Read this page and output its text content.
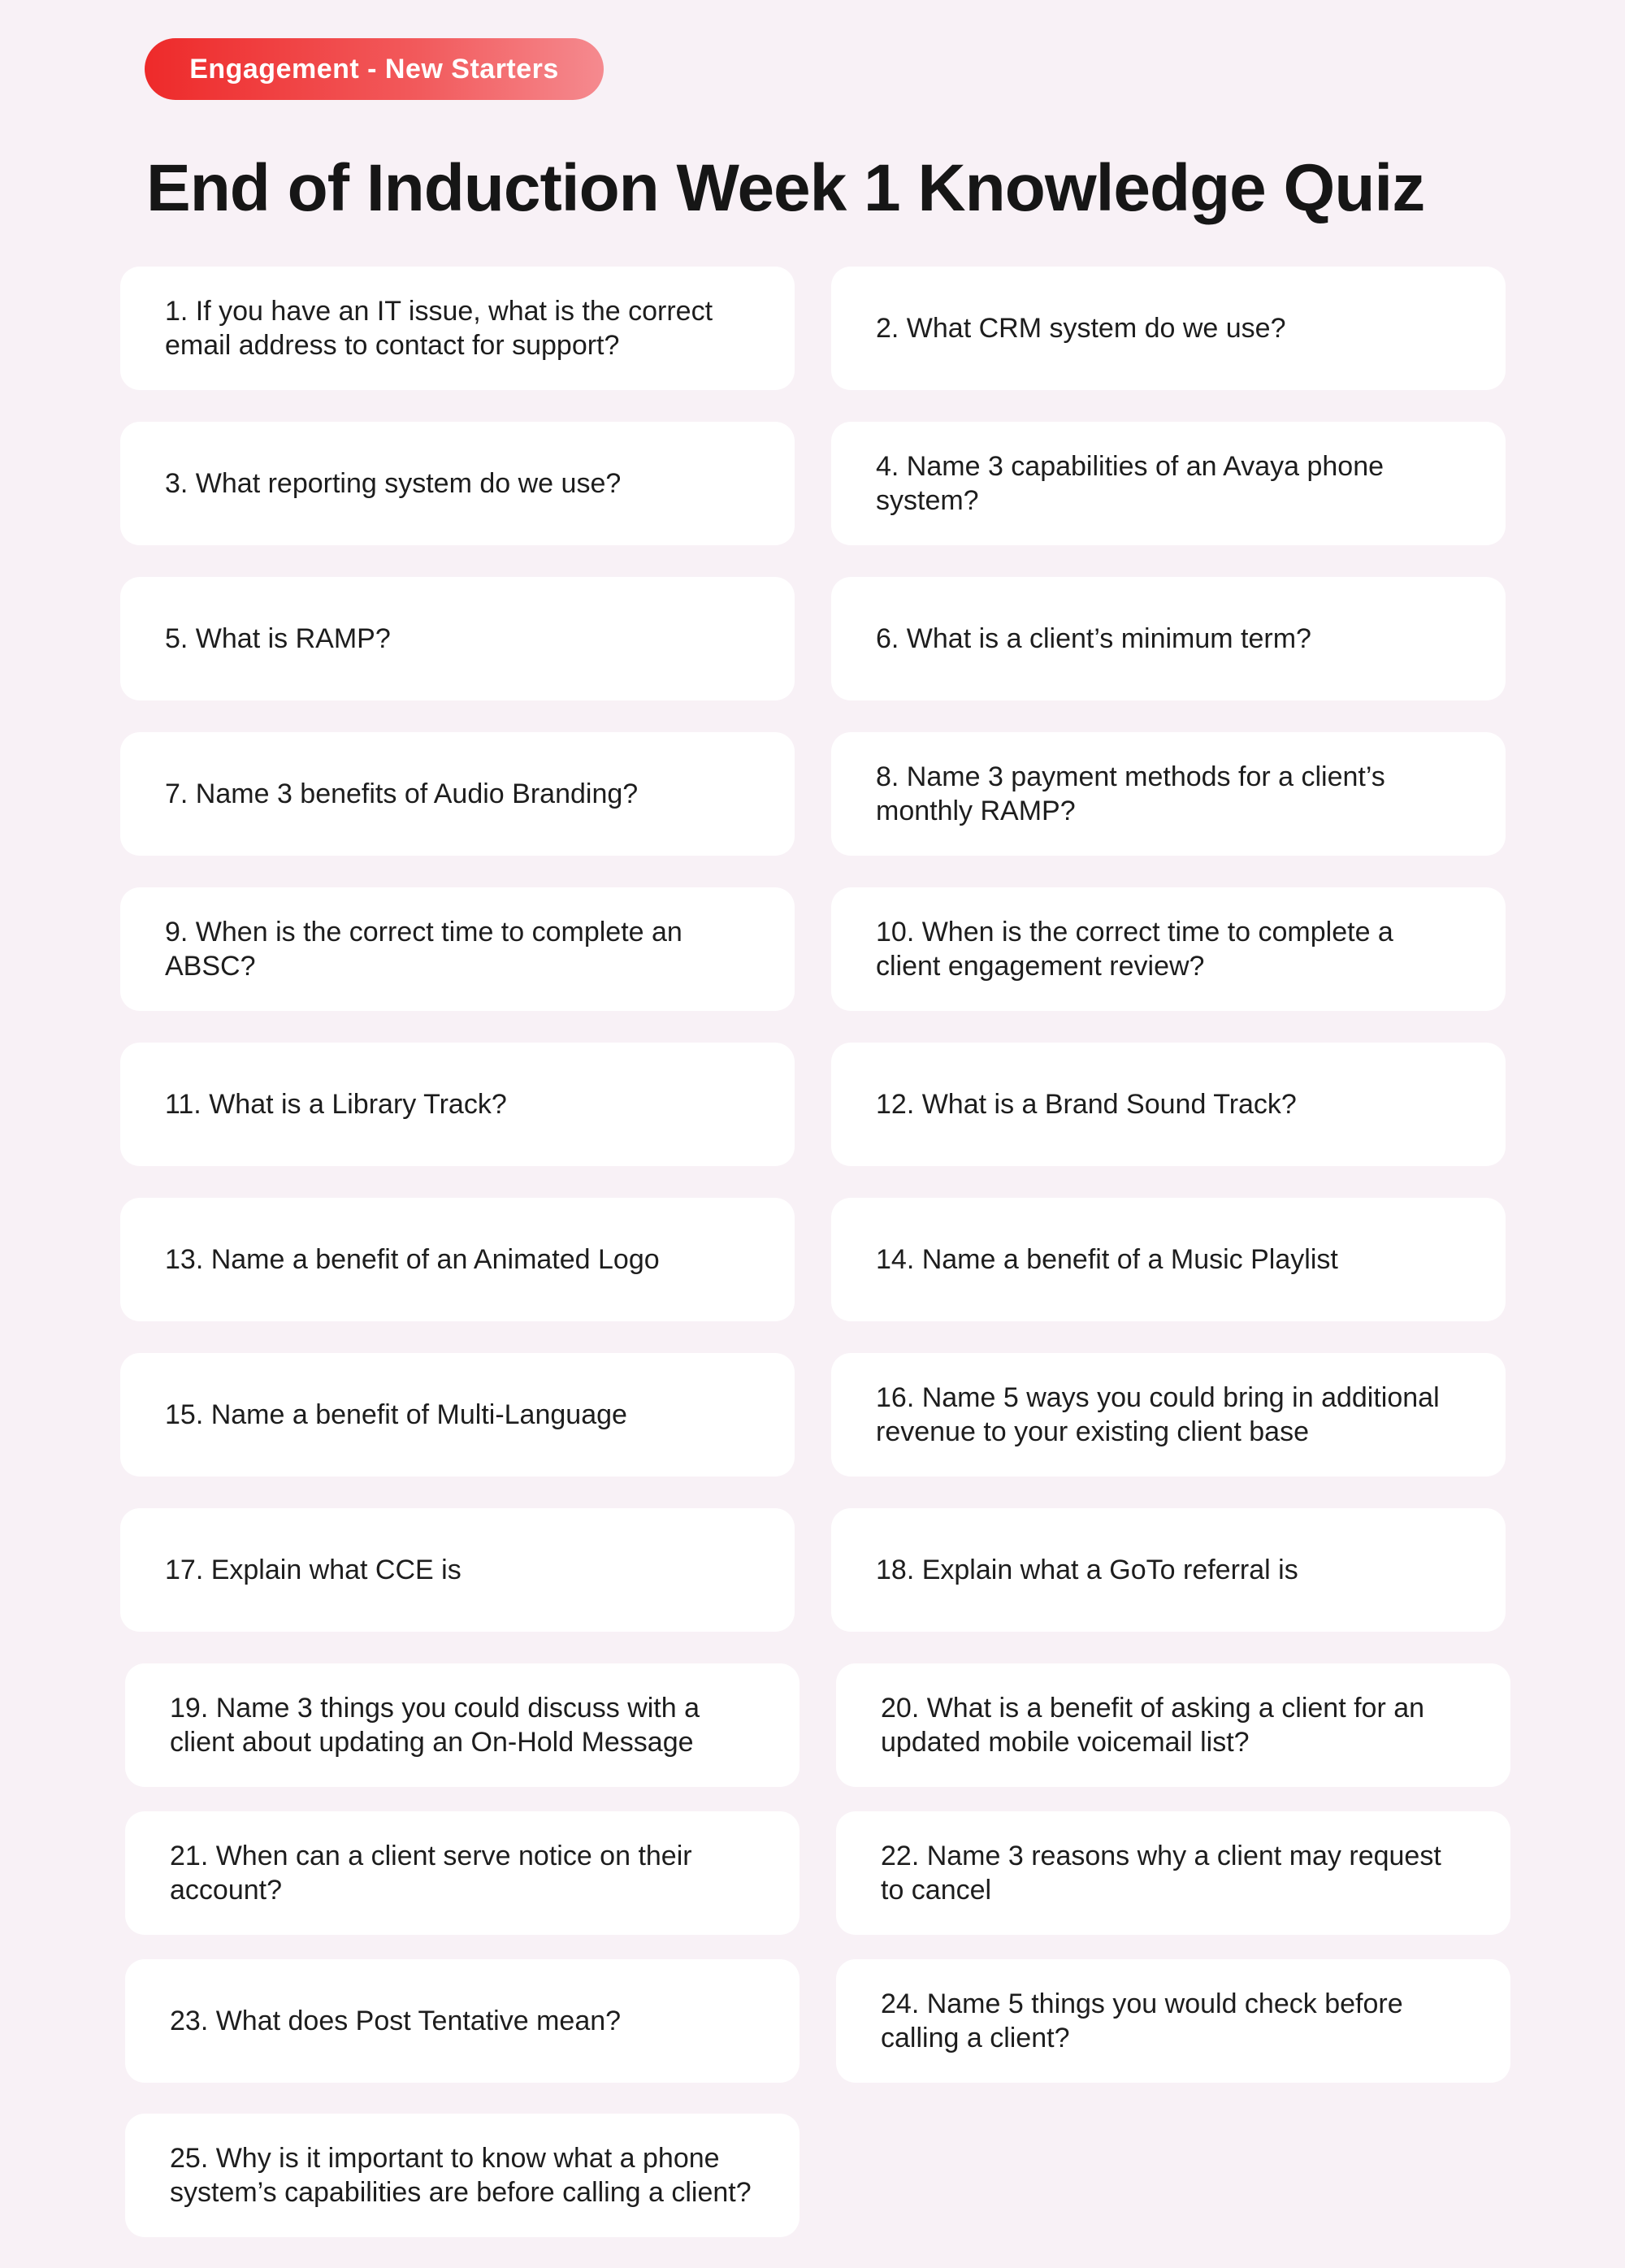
Engagement - New Starters
End of Induction Week 1 Knowledge Quiz
1. If you have an IT issue, what is the correct email address to contact for support?
2. What CRM system do we use?
3. What reporting system do we use?
4. Name 3 capabilities of an Avaya phone system?
5. What is RAMP?	6. What is a client’s minimum term?
7. Name 3 benefits of Audio Branding?
8. Name 3 payment methods for a client’s monthly RAMP?
9. When is the correct time to complete an ABSC?
10. When is the correct time to complete a client engagement review?
11. What is a Library Track?	12. What is a Brand Sound Track?
13. Name a benefit of an Animated Logo	14. Name a benefit of a Music Playlist
15. Name a benefit of Multi-Language
16. Name 5 ways you could bring in additional revenue to your existing client base
17. Explain what CCE is	18. Explain what a GoTo referral is
19. Name 3 things you could discuss with a client about updating an On-Hold Message
20. What is a benefit of asking a client for an updated mobile voicemail list?
21. When can a client serve notice on their account?
22. Name 3 reasons why a client may request to cancel
23. What does Post Tentative mean?
24. Name 5 things you would check before calling a client?
25. Why is it important to know what a phone system’s capabilities are before calling a client?
